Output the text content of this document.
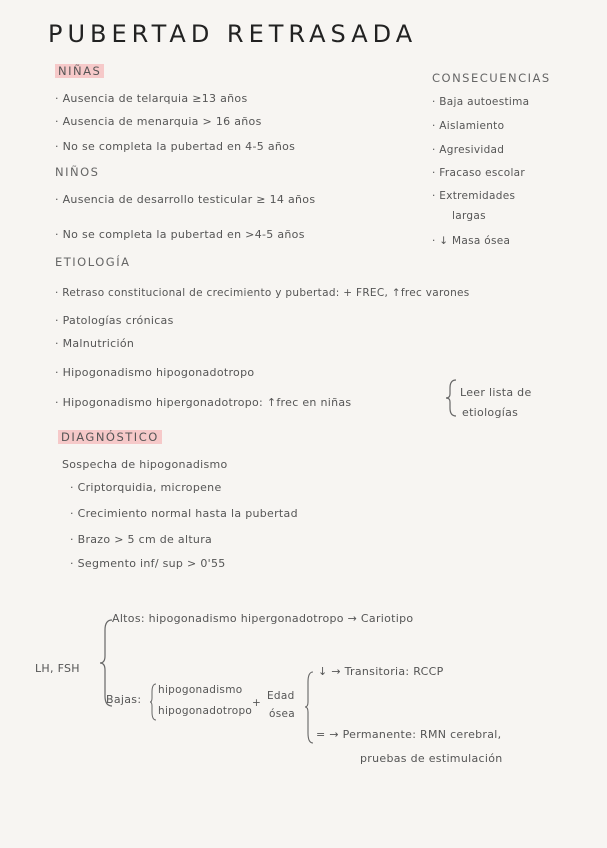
PUBERTAD RETRASADA
NIÑAS
· Ausencia de telarquia ≥13 años
· Ausencia de menarquia > 16 años
· No se completa la pubertad en 4-5 años
CONSECUENCIAS
· Baja autoestima
· Aislamiento
· Agresividad
· Fracaso escolar
· Extremidades
largas
· ↓ Masa ósea
NIÑOS
· Ausencia de desarrollo testicular ≥ 14 años
· No se completa la pubertad en >4-5 años
ETIOLOGÍA
· Retraso constitucional de crecimiento y pubertad: + FREC, ↑frec varones
· Patologías crónicas
· Malnutrición
· Hipogonadismo hipogonadotropo
· Hipogonadismo hipergonadotropo: ↑frec en niñas
Leer lista de
etiologías
DIAGNÓSTICO
Sospecha de hipogonadismo
· Criptorquidia, micropene
· Crecimiento normal hasta la pubertad
· Brazo > 5 cm de altura
· Segmento inf/ sup > 0'55
LH, FSH
Altos: hipogonadismo hipergonadotropo → Cariotipo
Bajas:
hipogonadismo
hipogonadotropo
+
Edad
ósea
↓ → Transitoria: RCCP
= → Permanente: RMN cerebral,
pruebas de estimulación
